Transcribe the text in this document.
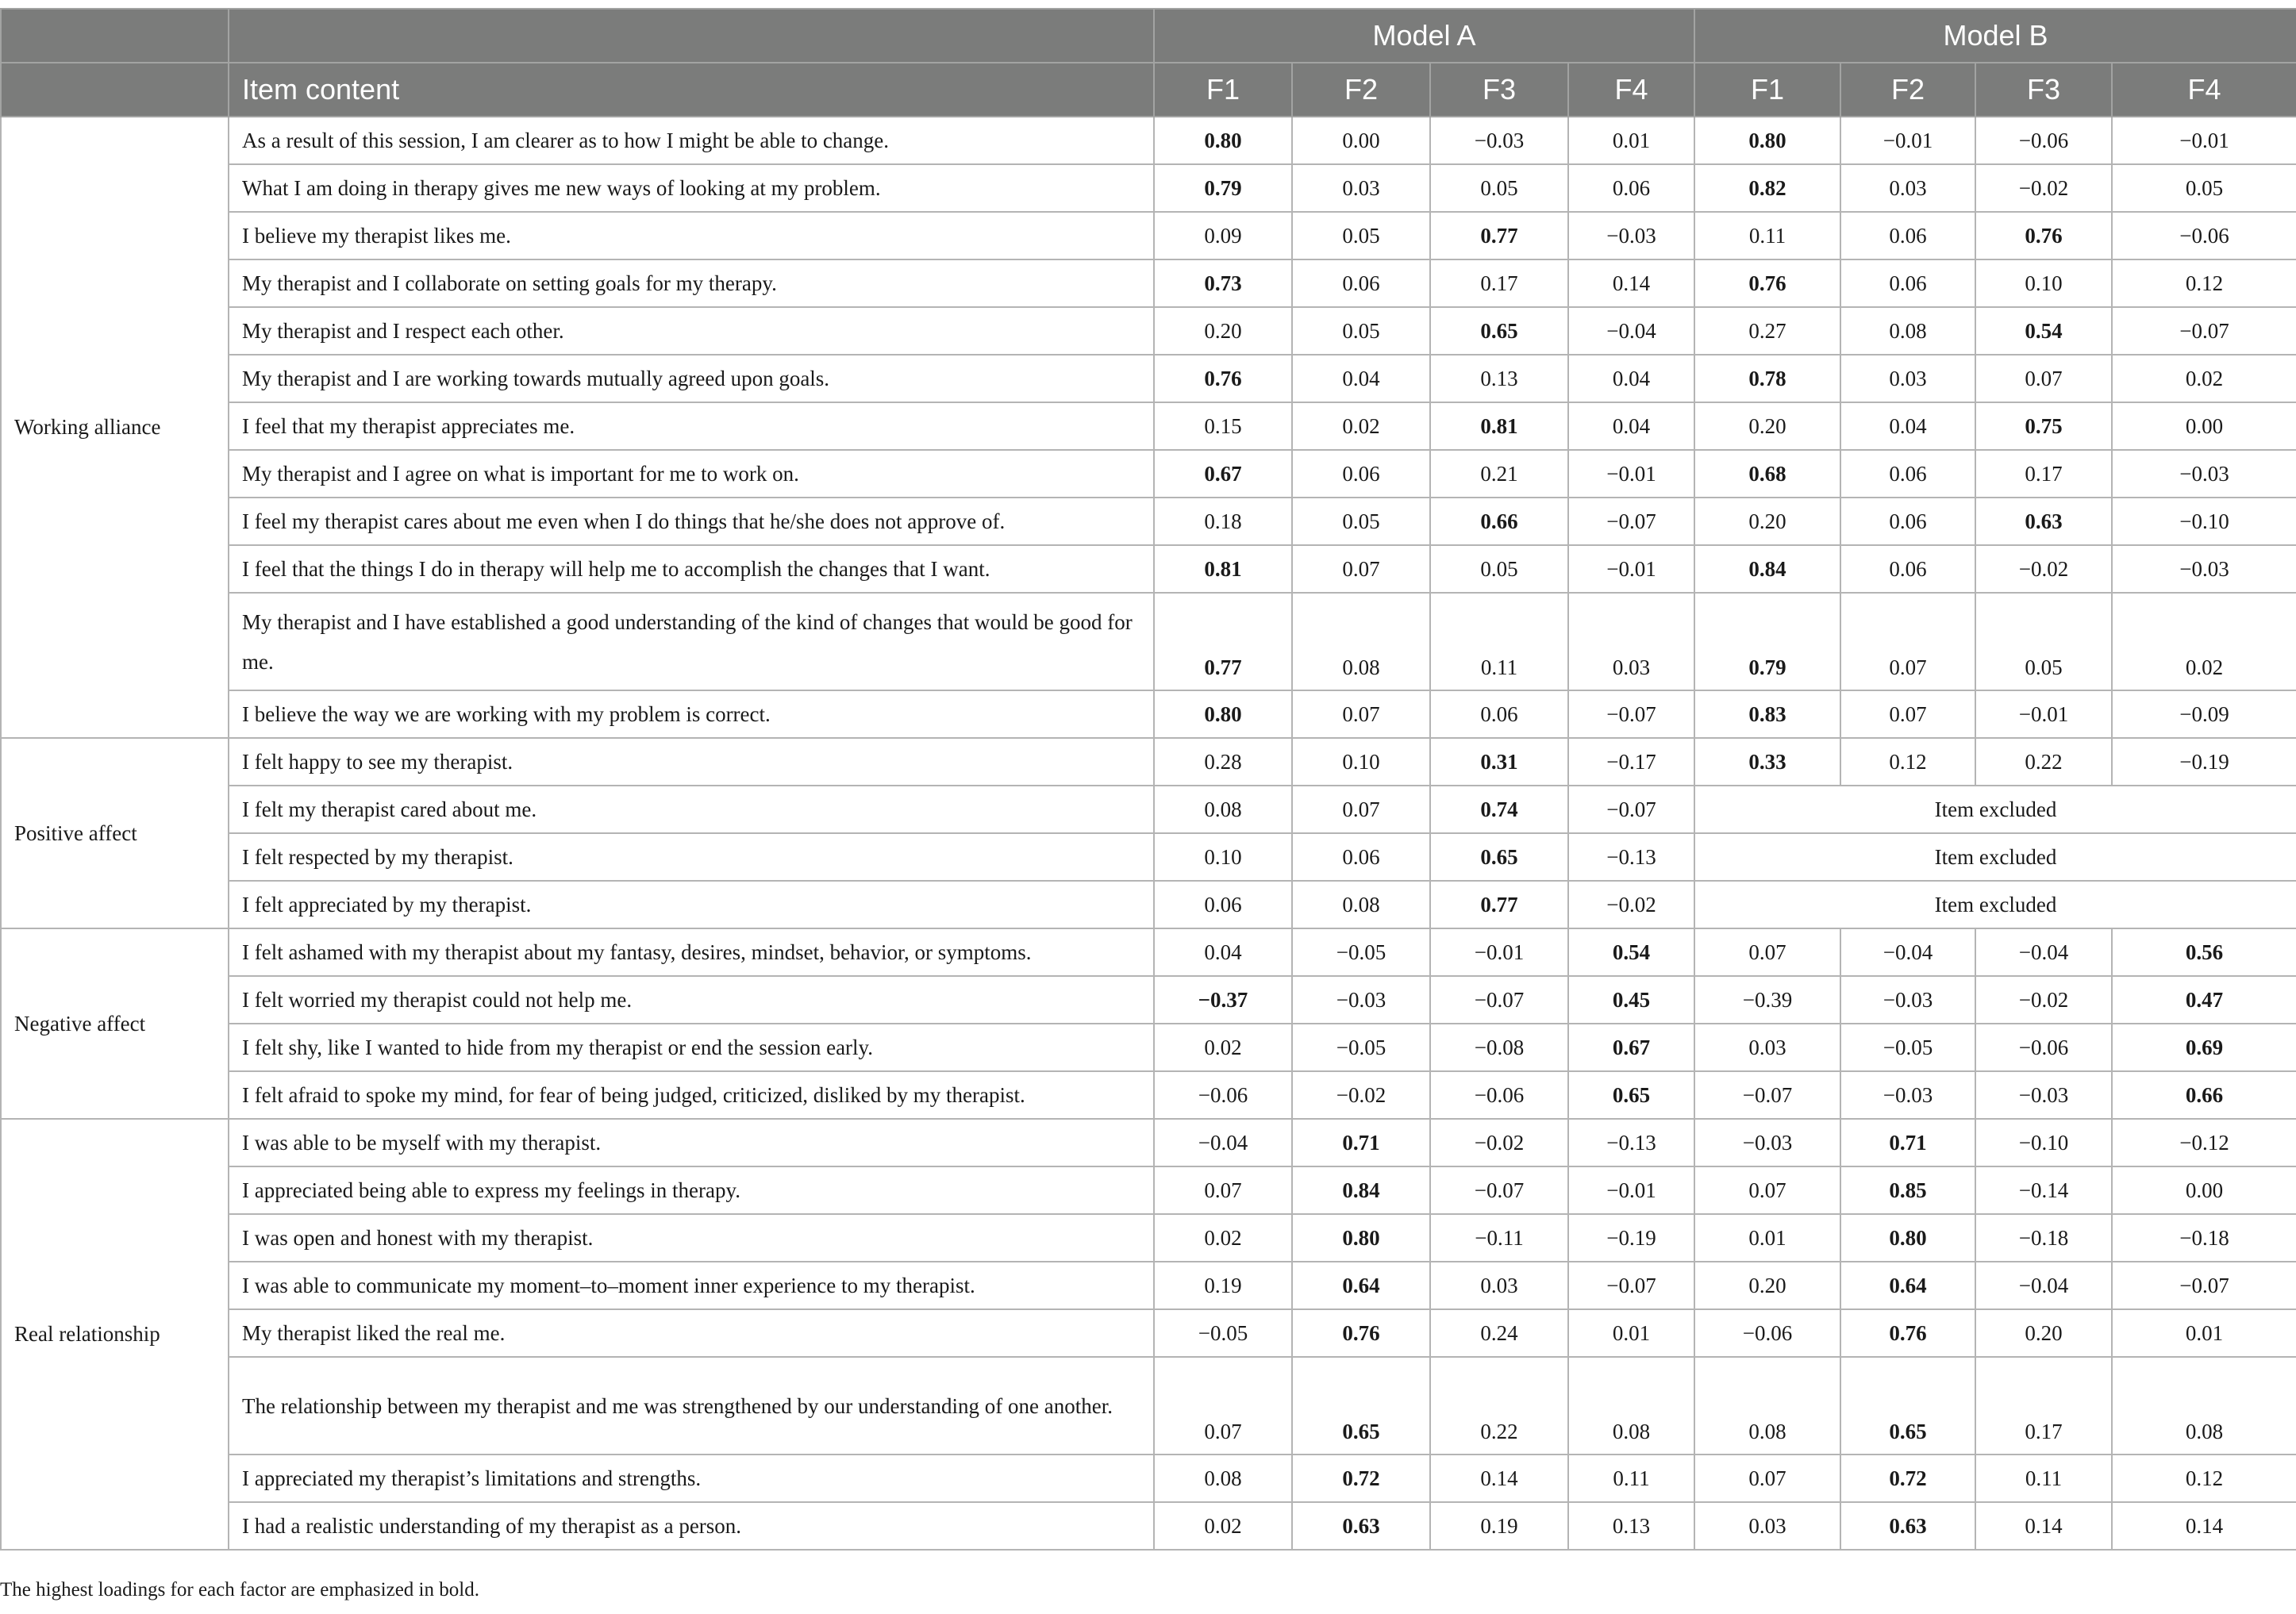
		Model A				Model B			
	Item content	F1	F2	F3	F4	F1	F2	F3	F4
Working alliance	As a result of this session, I am clearer as to how I might be able to change.	0.80	0.00	−0.03	0.01	0.80	−0.01	−0.06	−0.01
	What I am doing in therapy gives me new ways of looking at my problem.	0.79	0.03	0.05	0.06	0.82	0.03	−0.02	0.05
	I believe my therapist likes me.	0.09	0.05	0.77	−0.03	0.11	0.06	0.76	−0.06
	My therapist and I collaborate on setting goals for my therapy.	0.73	0.06	0.17	0.14	0.76	0.06	0.10	0.12
	My therapist and I respect each other.	0.20	0.05	0.65	−0.04	0.27	0.08	0.54	−0.07
	My therapist and I are working towards mutually agreed upon goals.	0.76	0.04	0.13	0.04	0.78	0.03	0.07	0.02
	I feel that my therapist appreciates me.	0.15	0.02	0.81	0.04	0.20	0.04	0.75	0.00
	My therapist and I agree on what is important for me to work on.	0.67	0.06	0.21	−0.01	0.68	0.06	0.17	−0.03
	I feel my therapist cares about me even when I do things that he/she does not approve of.	0.18	0.05	0.66	−0.07	0.20	0.06	0.63	−0.10
	I feel that the things I do in therapy will help me to accomplish the changes that I want.	0.81	0.07	0.05	−0.01	0.84	0.06	−0.02	−0.03
	My therapist and I have established a good understanding of the kind of changes that would be good for me.	0.77	0.08	0.11	0.03	0.79	0.07	0.05	0.02
	I believe the way we are working with my problem is correct.	0.80	0.07	0.06	−0.07	0.83	0.07	−0.01	−0.09
Positive affect	I felt happy to see my therapist.	0.28	0.10	0.31	−0.17	0.33	0.12	0.22	−0.19
	I felt my therapist cared about me.	0.08	0.07	0.74	−0.07	Item excluded			
	I felt respected by my therapist.	0.10	0.06	0.65	−0.13	Item excluded			
	I felt appreciated by my therapist.	0.06	0.08	0.77	−0.02	Item excluded			
Negative affect	I felt ashamed with my therapist about my fantasy, desires, mindset, behavior, or symptoms.	0.04	−0.05	−0.01	0.54	0.07	−0.04	−0.04	0.56
	I felt worried my therapist could not help me.	−0.37	−0.03	−0.07	0.45	−0.39	−0.03	−0.02	0.47
	I felt shy, like I wanted to hide from my therapist or end the session early.	0.02	−0.05	−0.08	0.67	0.03	−0.05	−0.06	0.69
	I felt afraid to spoke my mind, for fear of being judged, criticized, disliked by my therapist.	−0.06	−0.02	−0.06	0.65	−0.07	−0.03	−0.03	0.66
Real relationship	I was able to be myself with my therapist.	−0.04	0.71	−0.02	−0.13	−0.03	0.71	−0.10	−0.12
	I appreciated being able to express my feelings in therapy.	0.07	0.84	−0.07	−0.01	0.07	0.85	−0.14	0.00
	I was open and honest with my therapist.	0.02	0.80	−0.11	−0.19	0.01	0.80	−0.18	−0.18
	I was able to communicate my moment–to–moment inner experience to my therapist.	0.19	0.64	0.03	−0.07	0.20	0.64	−0.04	−0.07
	My therapist liked the real me.	−0.05	0.76	0.24	0.01	−0.06	0.76	0.20	0.01
	The relationship between my therapist and me was strengthened by our understanding of one another.	0.07	0.65	0.22	0.08	0.08	0.65	0.17	0.08
	I appreciated my therapist’s limitations and strengths.	0.08	0.72	0.14	0.11	0.07	0.72	0.11	0.12
	I had a realistic understanding of my therapist as a person.	0.02	0.63	0.19	0.13	0.03	0.63	0.14	0.14
The highest loadings for each factor are emphasized in bold.
